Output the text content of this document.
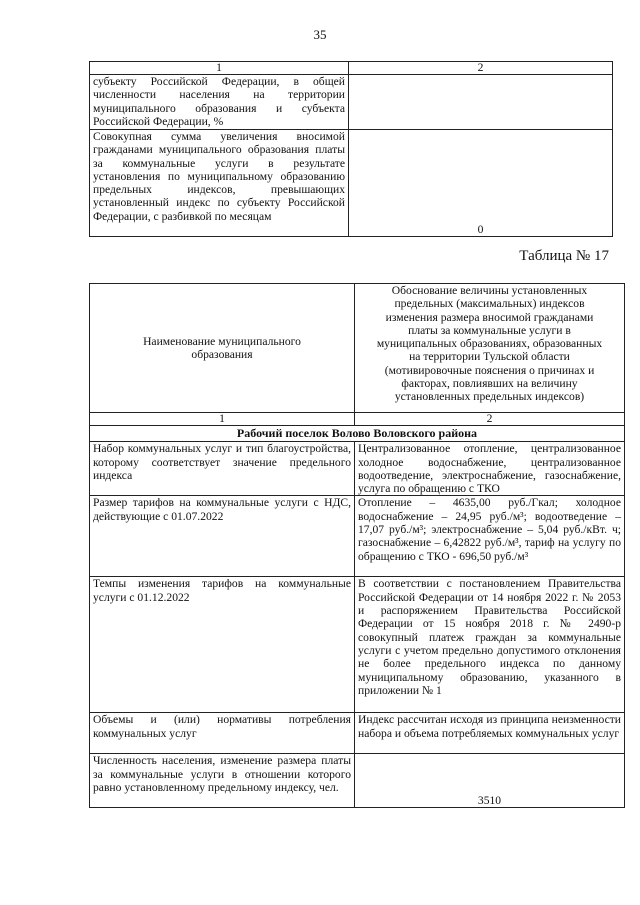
35
1	2
субъекту Российской Федерации, в общей численности населения на территории муниципального образования и субъекта Российской Федерации, %	
Совокупная сумма увеличения вносимой гражданами муниципального образования платы за коммунальные услуги в результате установления по муниципальному образованию предельных индексов, превышающих установленный индекс по субъекту Российской Федерации, с разбивкой по месяцам	0
Таблица № 17
Наименование муниципального образования	Обоснование величины установленных предельных (максимальных) индексов изменения размера вносимой гражданами платы за коммунальные услуги в муниципальных образованиях, образованных на территории Тульской области (мотивировочные пояснения о причинах и факторах, повлиявших на величину установленных предельных индексов)

1	2
Рабочий поселок Волово Воловского района	
Набор коммунальных услуг и тип благоустройства, которому соответствует значение предельного индекса	Централизованное отопление, централизованное холодное водоснабжение, централизованное водоотведение, электроснабжение, газоснабжение, услуга по обращению с ТКО
Размер тарифов на коммунальные услуги с НДС, действующие с 01.07.2022	Отопление – 4635,00 руб./Гкал; холодное водоснабжение – 24,95 руб./м³; водоотведение – 17,07 руб./м³; электроснабжение – 5,04 руб./кВт. ч; газоснабжение – 6,42822 руб./м³, тариф на услугу по обращению с ТКО - 696,50 руб./м³
Темпы изменения тарифов на коммунальные услуги с 01.12.2022	В соответствии с постановлением Правительства Российской Федерации от 14 ноября 2022 г. № 2053 и распоряжением Правительства Российской Федерации от 15 ноября 2018 г. № 2490-р совокупный платеж граждан за коммунальные услуги с учетом предельно допустимого отклонения не более предельного индекса по данному муниципальному образованию, указанного в приложении № 1
Объемы и (или) нормативы потребления коммунальных услуг	Индекс рассчитан исходя из принципа неизменности набора и объема потребляемых коммунальных услуг
Численность населения, изменение размера платы за коммунальные услуги в отношении которого равно установленному предельному индексу, чел.	3510
